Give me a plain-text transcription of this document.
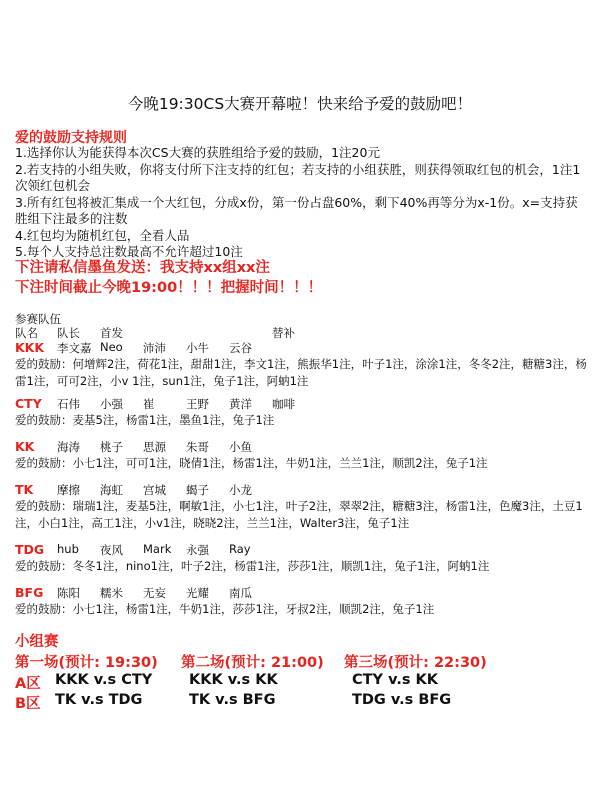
今晚19:30CS大赛开幕啦！快来给予爱的鼓励吧！
爱的鼓励支持规则
1.选择你认为能获得本次CS大赛的获胜组给予爱的鼓励，1注20元
2.若支持的小组失败，你将支付所下注支持的红包；若支持的小组获胜，则获得领取红包的机会，1注1次领红包机会
3.所有红包将被汇集成一个大红包，分成x份，第一份占盘60%，剩下40%再等分为x-1份。x=支持获胜组下注最多的注数
4.红包均为随机红包，全看人品
5.每个人支持总注数最高不允许超过10注
下注请私信墨鱼发送：我支持xx组xx注
下注时间截止今晚19:00！！！把握时间！！！
参赛队伍
队名 队长 首发	替补
KKK 李文嘉 Neo 沛沛 小牛 云谷
爱的鼓励：何增辉2注，荷花1注，甜甜1注，李文1注，熊振华1注，叶子1注，涂涂1注，冬冬2注，糖糖3注，杨雷1注，可可2注，小v 1注，sun1注，兔子1注，阿蚋1注
CTY 石伟 小强 崔	王野 黄洋 咖啡
爱的鼓励：麦基5注，杨雷1注，墨鱼1注，兔子1注
KK 海涛 桃子 思源 朱哥 小鱼
爱的鼓励：小七1注，可可1注，晓倩1注，杨雷1注，牛奶1注，兰兰1注，顺凯2注，兔子1注
TK 摩擦 海虹 宫城 蝎子 小龙
爱的鼓励：瑞瑞1注，麦基5注，啊敏1注，小七1注，叶子2注，翠翠2注，糖糖3注，杨雷1注，色魔3注，土豆1注，小白1注，高工1注，小v1注，晓晓2注，兰兰1注，Walter3注，兔子1注
TDG hub 夜风 Mark 永强 Ray
爱的鼓励：冬冬1注，nino1注，叶子2注，杨雷1注，莎莎1注，顺凯1注，兔子1注，阿蚋1注
BFG 陈阳 糯米 无妄 光耀 南瓜
爱的鼓励：小七1注，杨雷1注，牛奶1注，莎莎1注，牙叔2注，顺凯2注，兔子1注
小组赛
第一场(预计: 19:30) 第二场(预计: 21:00) 第三场(预计: 22:30)
A区 KKK v.s CTY	KKK v.s KK	CTY v.s KK
B区 TK v.s TDG	TK v.s BFG	TDG v.s BFG
